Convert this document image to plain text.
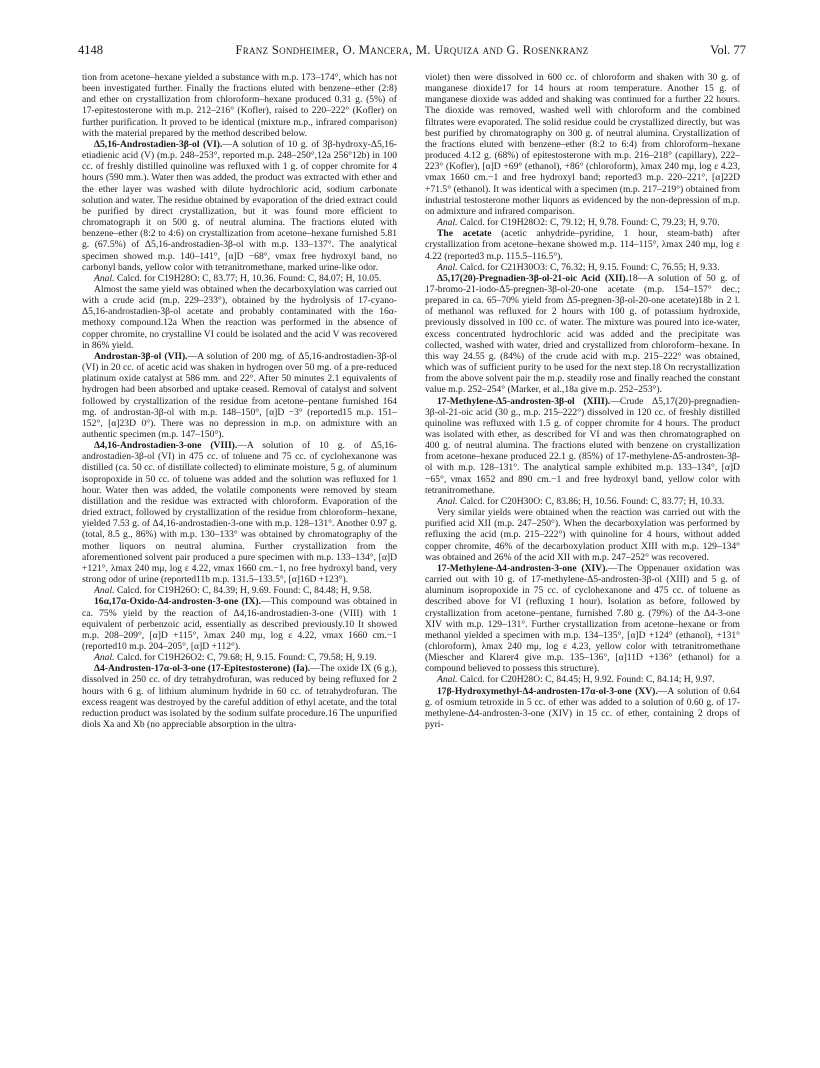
4148	Franz Sondheimer, O. Mancera, M. Urquiza and G. Rosenkranz	Vol. 77

tion from acetone–hexane yielded a substance with m.p. 173–174°, which has not been investigated further. Finally the fractions eluted with benzene–ether (2:8) and ether on crystallization from chloroform–hexane produced 0.31 g. (5%) of 17-epitestosterone with m.p. 212–216° (Kofler), raised to 220–222° (Kofler) on further purification. It proved to be identical (mixture m.p., infrared comparison) with the material prepared by the method described below.

Δ5,16-Androstadien-3β-ol (VI).—A solution of 10 g. of 3β-hydroxy-Δ5,16-etiadienic acid (V) (m.p. 248–253°, reported m.p. 248–250°,12a 256°12b) in 100 cc. of freshly distilled quinoline was refluxed with 1 g. of copper chromite for 4 hours (590 mm.). Water then was added, the product was extracted with ether and the ether layer was washed with dilute hydrochloric acid, sodium carbonate solution and water. The residue obtained by evaporation of the dried extract could be purified by direct crystallization, but it was found more efficient to chromatograph it on 500 g. of neutral alumina. The fractions eluted with benzene–ether (8:2 to 4:6) on crystallization from acetone–hexane furnished 5.81 g. (67.5%) of Δ5,16-androstadien-3β-ol with m.p. 133–137°. The analytical specimen showed m.p. 140–141°, [α]D −68°, νmax free hydroxyl band, no carbonyl bands, yellow color with tetranitromethane, marked urine-like odor.

Anal. Calcd. for C19H28O: C, 83.77; H, 10.36. Found: C, 84.07; H, 10.05.

Almost the same yield was obtained when the decarboxylation was carried out with a crude acid (m.p. 229–233°), obtained by the hydrolysis of 17-cyano-Δ5,16-androstadien-3β-ol acetate and probably contaminated with the 16α-methoxy compound.12a When the reaction was performed in the absence of copper chromite, no crystalline VI could be isolated and the acid V was recovered in 86% yield.

Androstan-3β-ol (VII).—A solution of 200 mg. of Δ5,16-androstadien-3β-ol (VI) in 20 cc. of acetic acid was shaken in hydrogen over 50 mg. of a pre-reduced platinum oxide catalyst at 586 mm. and 22°. After 50 minutes 2.1 equivalents of hydrogen had been absorbed and uptake ceased. Removal of catalyst and solvent followed by crystallization of the residue from acetone–pentane furnished 164 mg. of androstan-3β-ol with m.p. 148–150°, [α]D −3° (reported15 m.p. 151–152°, [α]23D 0°). There was no depression in m.p. on admixture with an authentic specimen (m.p. 147–150°).

Δ4,16-Androstadien-3-one (VIII).—A solution of 10 g. of Δ5,16-androstadien-3β-ol (VI) in 475 cc. of toluene and 75 cc. of cyclohexanone was distilled (ca. 50 cc. of distillate collected) to eliminate moisture, 5 g. of aluminum isopropoxide in 50 cc. of toluene was added and the solution was refluxed for 1 hour. Water then was added, the volatile components were removed by steam distillation and the residue was extracted with chloroform. Evaporation of the dried extract, followed by crystallization of the residue from chloroform–hexane, yielded 7.53 g. of Δ4,16-androstadien-3-one with m.p. 128–131°. Another 0.97 g. (total, 8.5 g., 86%) with m.p. 130–133° was obtained by chromatography of the mother liquors on neutral alumina. Further crystallization from the aforementioned solvent pair produced a pure specimen with m.p. 133–134°, [α]D +121°, λmax 240 mμ, log ε 4.22, νmax 1660 cm.−1, no free hydroxyl band, very strong odor of urine (reported11b m.p. 131.5–133.5°, [α]16D +123°).

Anal. Calcd. for C19H26O: C, 84.39; H, 9.69. Found: C, 84.48; H, 9.58.

16α,17α-Oxido-Δ4-androsten-3-one (IX).—This compound was obtained in ca. 75% yield by the reaction of Δ4,16-androstadien-3-one (VIII) with 1 equivalent of perbenzoic acid, essentially as described previously.10 It showed m.p. 208–209°, [α]D +115°, λmax 240 mμ, log ε 4.22, νmax 1660 cm.−1 (reported10 m.p. 204–205°, [α]D +112°).

Anal. Calcd. for C19H26O2: C, 79.68; H, 9.15. Found: C, 79.58; H, 9.19.

Δ4-Androsten-17α-ol-3-one (17-Epitestosterone) (Ia).—The oxide IX (6 g.), dissolved in 250 cc. of dry tetrahydrofuran, was reduced by being refluxed for 2 hours with 6 g. of lithium aluminum hydride in 60 cc. of tetrahydrofuran. The excess reagent was destroyed by the careful addition of ethyl acetate, and the total reduction product was isolated by the sodium sulfate procedure.16 The unpurified diols Xa and Xb (no appreciable absorption in the ultra-

violet) then were dissolved in 600 cc. of chloroform and shaken with 30 g. of manganese dioxide17 for 14 hours at room temperature. Another 15 g. of manganese dioxide was added and shaking was continued for a further 22 hours. The dioxide was removed, washed well with chloroform and the combined filtrates were evaporated. The solid residue could be crystallized directly, but was best purified by chromatography on 300 g. of neutral alumina. Crystallization of the fractions eluted with benzene–ether (8:2 to 6:4) from chloroform–hexane produced 4.12 g. (68%) of epitestosterone with m.p. 216–218° (capillary), 222–223° (Kofler), [α]D +69° (ethanol), +86° (chloroform), λmax 240 mμ, log ε 4.23, νmax 1660 cm.−1 and free hydroxyl band; reported3 m.p. 220–221°, [α]22D +71.5° (ethanol). It was identical with a specimen (m.p. 217–219°) obtained from industrial testosterone mother liquors as evidenced by the non-depression of m.p. on admixture and infrared comparison.

Anal. Calcd. for C19H28O2: C, 79.12; H, 9.78. Found: C, 79.23; H, 9.70.

The acetate (acetic anhydride–pyridine, 1 hour, steam-bath) after crystallization from acetone–hexane showed m.p. 114–115°, λmax 240 mμ, log ε 4.22 (reported3 m.p. 115.5–116.5°).

Anal. Calcd. for C21H30O3: C, 76.32; H, 9.15. Found: C, 76.55; H, 9.33.

Δ5,17(20)-Pregnadien-3β-ol-21-oic Acid (XII).18—A solution of 50 g. of 17-bromo-21-iodo-Δ5-pregnen-3β-ol-20-one acetate (m.p. 154–157° dec.; prepared in ca. 65–70% yield from Δ5-pregnen-3β-ol-20-one acetate)18b in 2 l. of methanol was refluxed for 2 hours with 100 g. of potassium hydroxide, previously dissolved in 100 cc. of water. The mixture was poured into ice-water, excess concentrated hydrochloric acid was added and the precipitate was collected, washed with water, dried and crystallized from chloroform–hexane. In this way 24.55 g. (84%) of the crude acid with m.p. 215–222° was obtained, which was of sufficient purity to be used for the next step.18 On recrystallization from the above solvent pair the m.p. steadily rose and finally reached the constant value m.p. 252–254° (Marker, et al.,18a give m.p. 252–253°).

17-Methylene-Δ5-androsten-3β-ol (XIII).—Crude Δ5,17(20)-pregnadien-3β-ol-21-oic acid (30 g., m.p. 215–222°) dissolved in 120 cc. of freshly distilled quinoline was refluxed with 1.5 g. of copper chromite for 4 hours. The product was isolated with ether, as described for VI and was then chromatographed on 400 g. of neutral alumina. The fractions eluted with benzene on crystallization from acetone–hexane produced 22.1 g. (85%) of 17-methylene-Δ5-androsten-3β-ol with m.p. 128–131°. The analytical sample exhibited m.p. 133–134°, [α]D −65°, νmax 1652 and 890 cm.−1 and free hydroxyl band, yellow color with tetranitromethane.

Anal. Calcd. for C20H30O: C, 83.86; H, 10.56. Found: C, 83.77; H, 10.33.

Very similar yields were obtained when the reaction was carried out with the purified acid XII (m.p. 247–250°). When the decarboxylation was performed by refluxing the acid (m.p. 215–222°) with quinoline for 4 hours, without added copper chromite, 46% of the decarboxylation product XIII with m.p. 129–134° was obtained and 26% of the acid XII with m.p. 247–252° was recovered.

17-Methylene-Δ4-androsten-3-one (XIV).—The Oppenauer oxidation was carried out with 10 g. of 17-methylene-Δ5-androsten-3β-ol (XIII) and 5 g. of aluminum isopropoxide in 75 cc. of cyclohexanone and 475 cc. of toluene as described above for VI (refluxing 1 hour). Isolation as before, followed by crystallization from acetone–pentane, furnished 7.80 g. (79%) of the Δ4-3-one XIV with m.p. 129–131°. Further crystallization from acetone–hexane or from methanol yielded a specimen with m.p. 134–135°, [α]D +124° (ethanol), +131° (chloroform), λmax 240 mμ, log ε 4.23, yellow color with tetranitromethane (Miescher and Klarer4 give m.p. 135–136°, [α]11D +136° (ethanol) for a compound believed to possess this structure).

Anal. Calcd. for C20H28O: C, 84.45; H, 9.92. Found: C, 84.14; H, 9.97.

17β-Hydroxymethyl-Δ4-androsten-17α-ol-3-one (XV).—A solution of 0.64 g. of osmium tetroxide in 5 cc. of ether was added to a solution of 0.60 g. of 17-methylene-Δ4-androsten-3-one (XIV) in 15 cc. of ether, containing 2 drops of pyri-
